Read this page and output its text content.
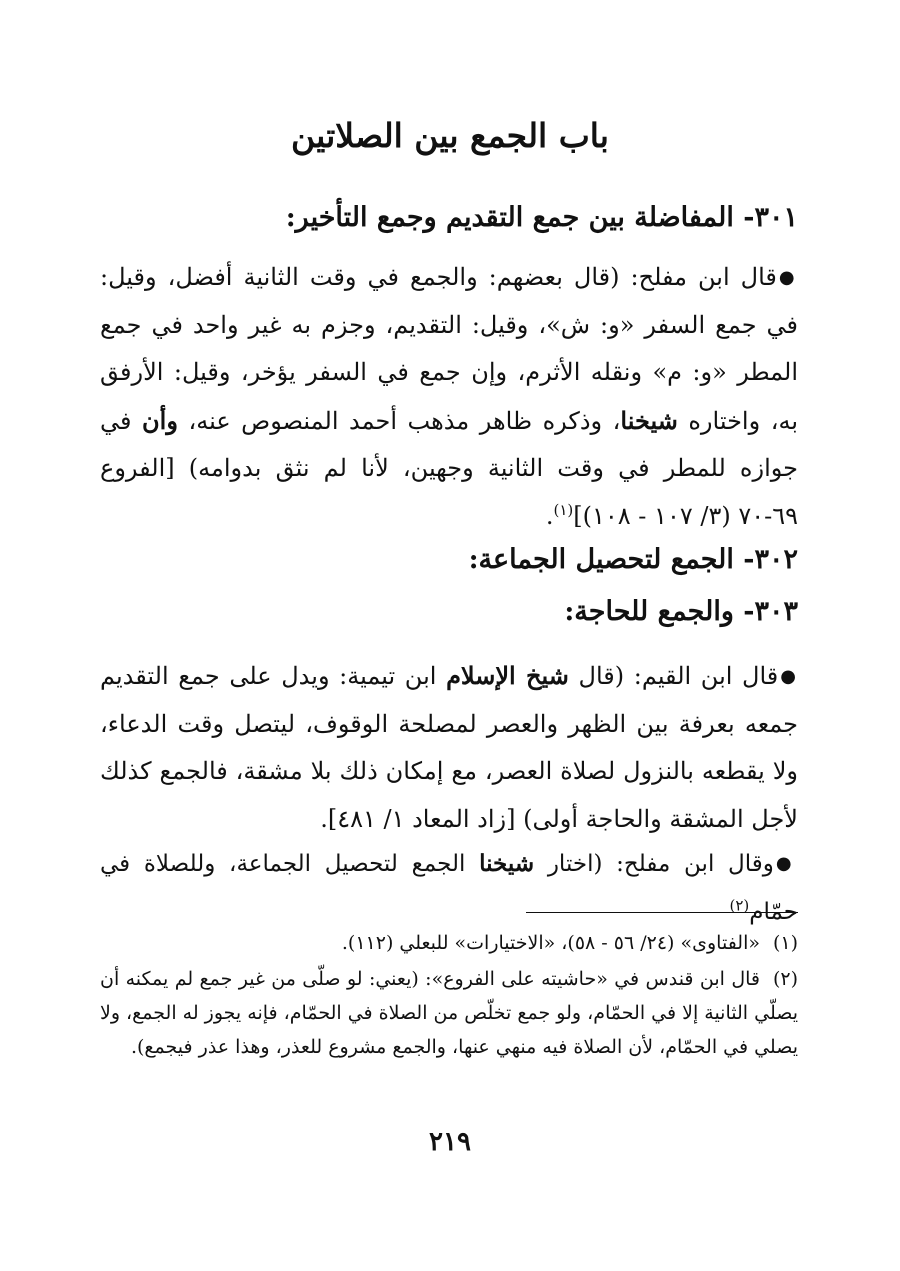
باب الجمع بين الصلاتين
٣٠١- المفاضلة بين جمع التقديم وجمع التأخير:

●قال ابن مفلح: (قال بعضهم: والجمع في وقت الثانية أفضل، وقيل: في جمع السفر «و: ش»، وقيل: التقديم، وجزم به غير واحد في جمع المطر «و: م» ونقله الأثرم، وإن جمع في السفر يؤخر، وقيل: الأرفق به، واختاره شيخنا، وذكره ظاهر مذهب أحمد المنصوص عنه، وأن في جوازه للمطر في وقت الثانية وجهين، لأنا لم نثق بدوامه) [الفروع ٦٩-٧٠ (٣/ ١٠٧ - ١٠٨)]$^{(١)}$.

٣٠٢- الجمع لتحصيل الجماعة:
٣٠٣- والجمع للحاجة:

●قال ابن القيم: (قال شيخ الإسلام ابن تيمية: ويدل على جمع التقديم جمعه بعرفة بين الظهر والعصر لمصلحة الوقوف، ليتصل وقت الدعاء، ولا يقطعه بالنزول لصلاة العصر، مع إمكان ذلك بلا مشقة، فالجمع كذلك لأجل المشقة والحاجة أولى) [زاد المعاد ١/ ٤٨١].

●وقال ابن مفلح: (اختار شيخنا الجمع لتحصيل الجماعة، وللصلاة في حمّام$^{(٢)}$

(١)«الفتاوى» (٢٤/ ٥٦ - ٥٨)، «الاختيارات» للبعلي (١١٢).

(٢)قال ابن قندس في «حاشيته على الفروع»: (يعني: لو صلّى من غير جمع لم يمكنه أن يصلّي الثانية إلا في الحمّام، ولو جمع تخلّص من الصلاة في الحمّام، فإنه يجوز له الجمع، ولا يصلي في الحمّام، لأن الصلاة فيه منهي عنها، والجمع مشروع للعذر، وهذا عذر فيجمع).

٢١٩
